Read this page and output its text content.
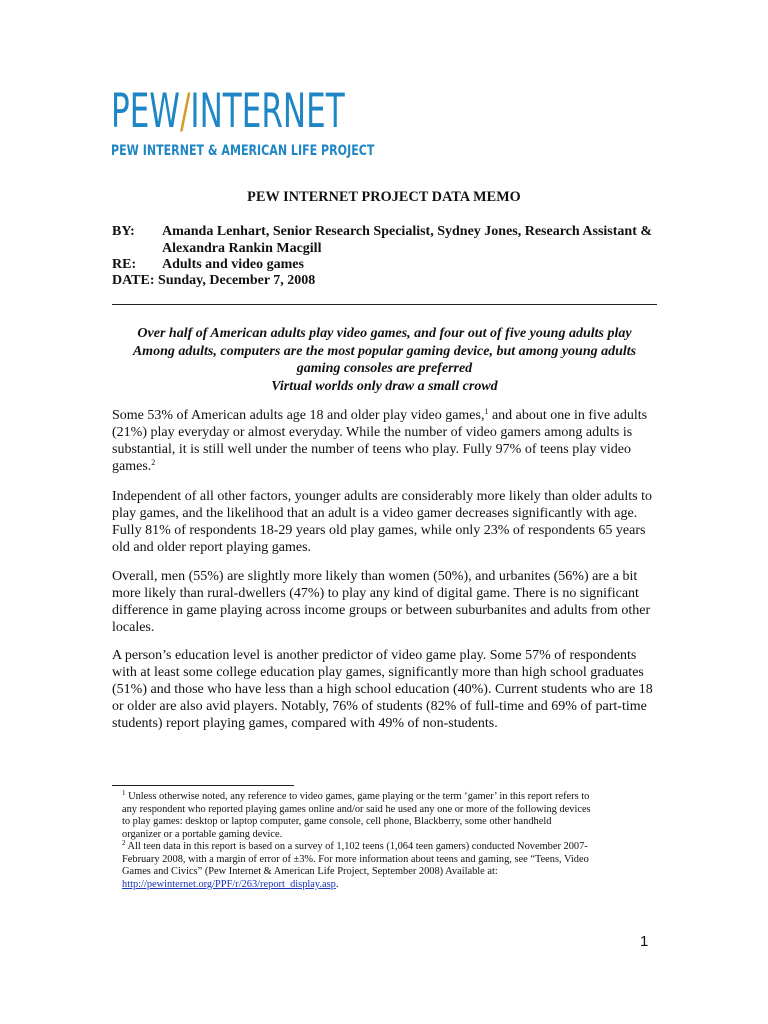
PEW/INTERNET
PEW INTERNET & AMERICAN LIFE PROJECT
PEW INTERNET PROJECT DATA MEMO
BY: Amanda Lenhart, Senior Research Specialist, Sydney Jones, Research Assistant &
Alexandra Rankin Macgill
RE: Adults and video games
DATE: Sunday, December 7, 2008
Over half of American adults play video games, and four out of five young adults play
Among adults, computers are the most popular gaming device, but among young adults
gaming consoles are preferred
Virtual worlds only draw a small crowd
Some 53% of American adults age 18 and older play video games,$^1$ and about one in five adults
(21%) play everyday or almost everyday. While the number of video gamers among adults is
substantial, it is still well under the number of teens who play. Fully 97% of teens play video
games.$^2$
Independent of all other factors, younger adults are considerably more likely than older adults to
play games, and the likelihood that an adult is a video gamer decreases significantly with age.
Fully 81% of respondents 18-29 years old play games, while only 23% of respondents 65 years
old and older report playing games.
Overall, men (55%) are slightly more likely than women (50%), and urbanites (56%) are a bit
more likely than rural-dwellers (47%) to play any kind of digital game. There is no significant
difference in game playing across income groups or between suburbanites and adults from other
locales.
A person’s education level is another predictor of video game play. Some 57% of respondents
with at least some college education play games, significantly more than high school graduates
(51%) and those who have less than a high school education (40%). Current students who are 18
or older are also avid players. Notably, 76% of students (82% of full-time and 69% of part-time
students) report playing games, compared with 49% of non-students.
$^1$ Unless otherwise noted, any reference to video games, game playing or the term ‘gamer’ in this report refers to
any respondent who reported playing games online and/or said he used any one or more of the following devices
to play games: desktop or laptop computer, game console, cell phone, Blackberry, some other handheld
organizer or a portable gaming device.
$^2$ All teen data in this report is based on a survey of 1,102 teens (1,064 teen gamers) conducted November 2007-
February 2008, with a margin of error of ±3%. For more information about teens and gaming, see “Teens, Video
Games and Civics” (Pew Internet & American Life Project, September 2008) Available at:
http://pewinternet.org/PPF/r/263/report_display.asp.
1
